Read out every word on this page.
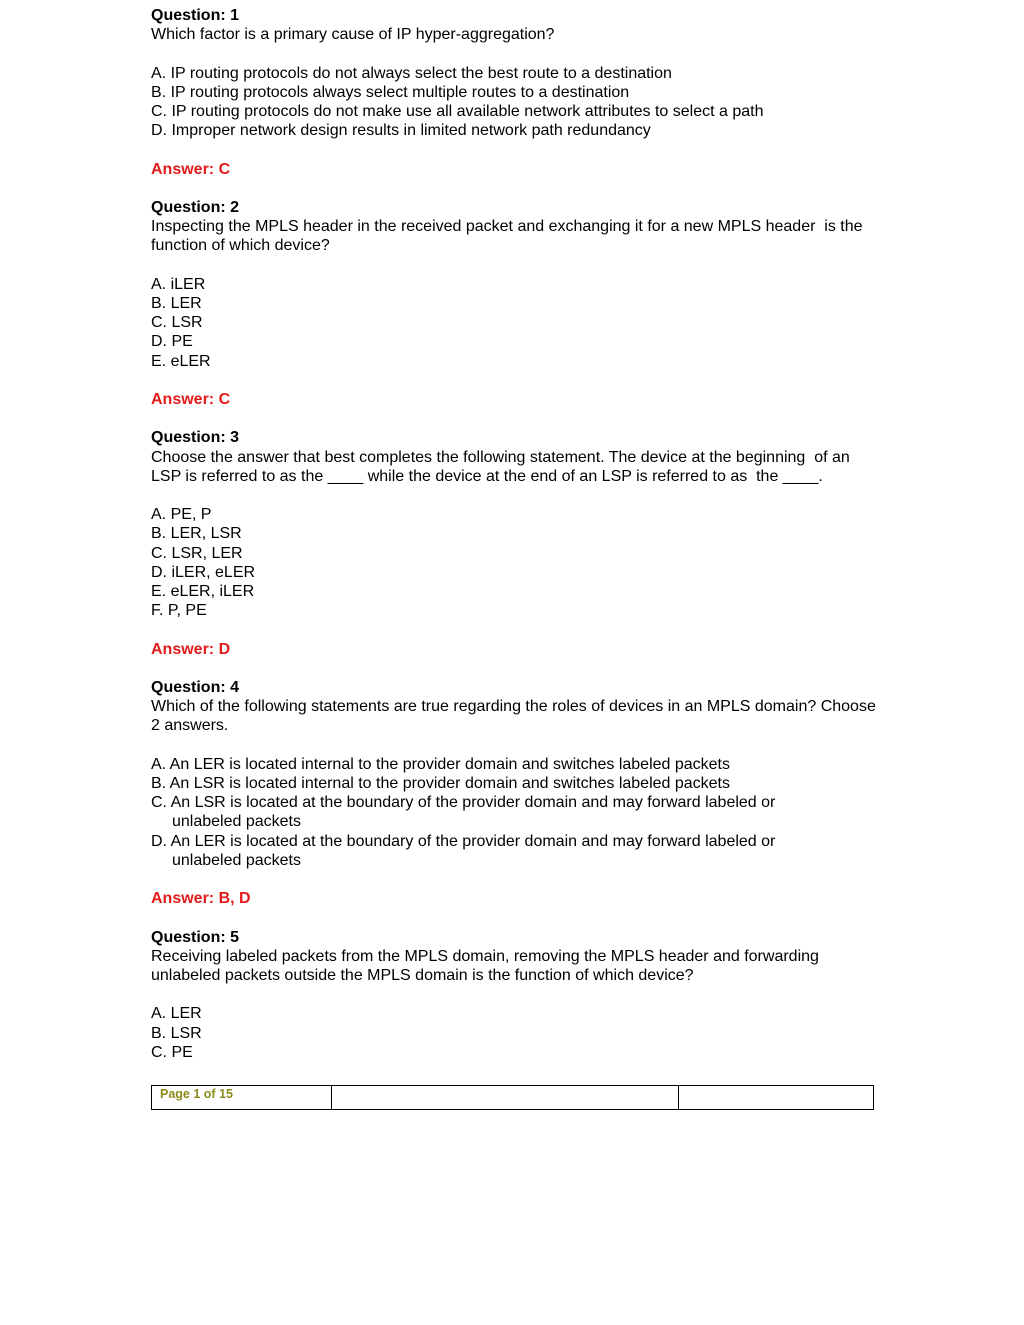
Question: 1
Which factor is a primary cause of IP hyper-aggregation?
A. IP routing protocols do not always select the best route to a destination
B. IP routing protocols always select multiple routes to a destination
C. IP routing protocols do not make use all available network attributes to select a path
D. Improper network design results in limited network path redundancy
Answer: C
Question: 2
Inspecting the MPLS header in the received packet and exchanging it for a new MPLS header  is the function of which device?
A. iLER
B. LER
C. LSR
D. PE
E. eLER
Answer: C
Question: 3
Choose the answer that best completes the following statement. The device at the beginning  of an LSP is referred to as the ____ while the device at the end of an LSP is referred to as  the ____.
A. PE, P
B. LER, LSR
C. LSR, LER
D. iLER, eLER
E. eLER, iLER
F. P, PE
Answer: D
Question: 4
Which of the following statements are true regarding the roles of devices in an MPLS domain? Choose 2 answers.
A. An LER is located internal to the provider domain and switches labeled packets
B. An LSR is located internal to the provider domain and switches labeled packets
C. An LSR is located at the boundary of the provider domain and may forward labeled or
unlabeled packets
D. An LER is located at the boundary of the provider domain and may forward labeled or
unlabeled packets
Answer: B, D
Question: 5
Receiving labeled packets from the MPLS domain, removing the MPLS header and forwarding unlabeled packets outside the MPLS domain is the function of which device?
A. LER
B. LSR
C. PE
Page 1 of 15
